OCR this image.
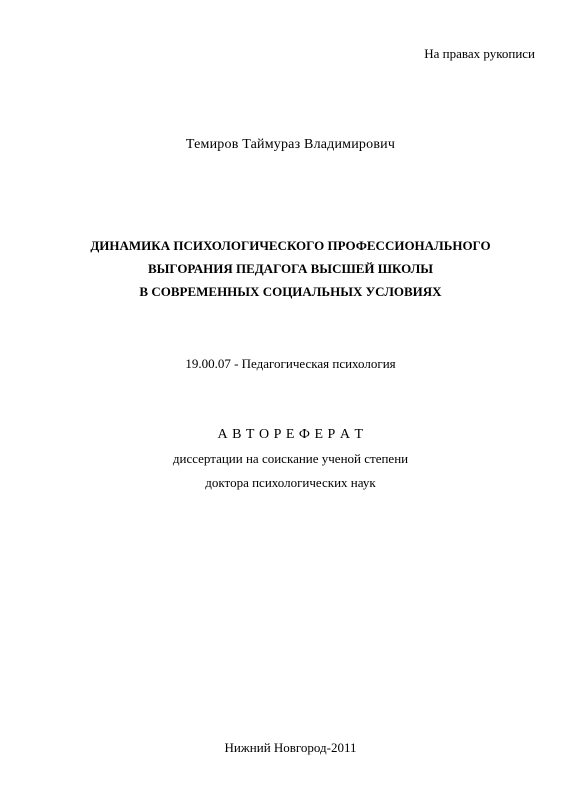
На правах рукописи
Темиров Таймураз Владимирович
ДИНАМИКА ПСИХОЛОГИЧЕСКОГО ПРОФЕССИОНАЛЬНОГО
ВЫГОРАНИЯ ПЕДАГОГА ВЫСШЕЙ ШКОЛЫ
В СОВРЕМЕННЫХ СОЦИАЛЬНЫХ УСЛОВИЯХ
19.00.07 - Педагогическая психология
А В Т О Р Е Ф Е Р А Т
диссертации на соискание ученой степени
доктора психологических наук
Нижний Новгород-2011
